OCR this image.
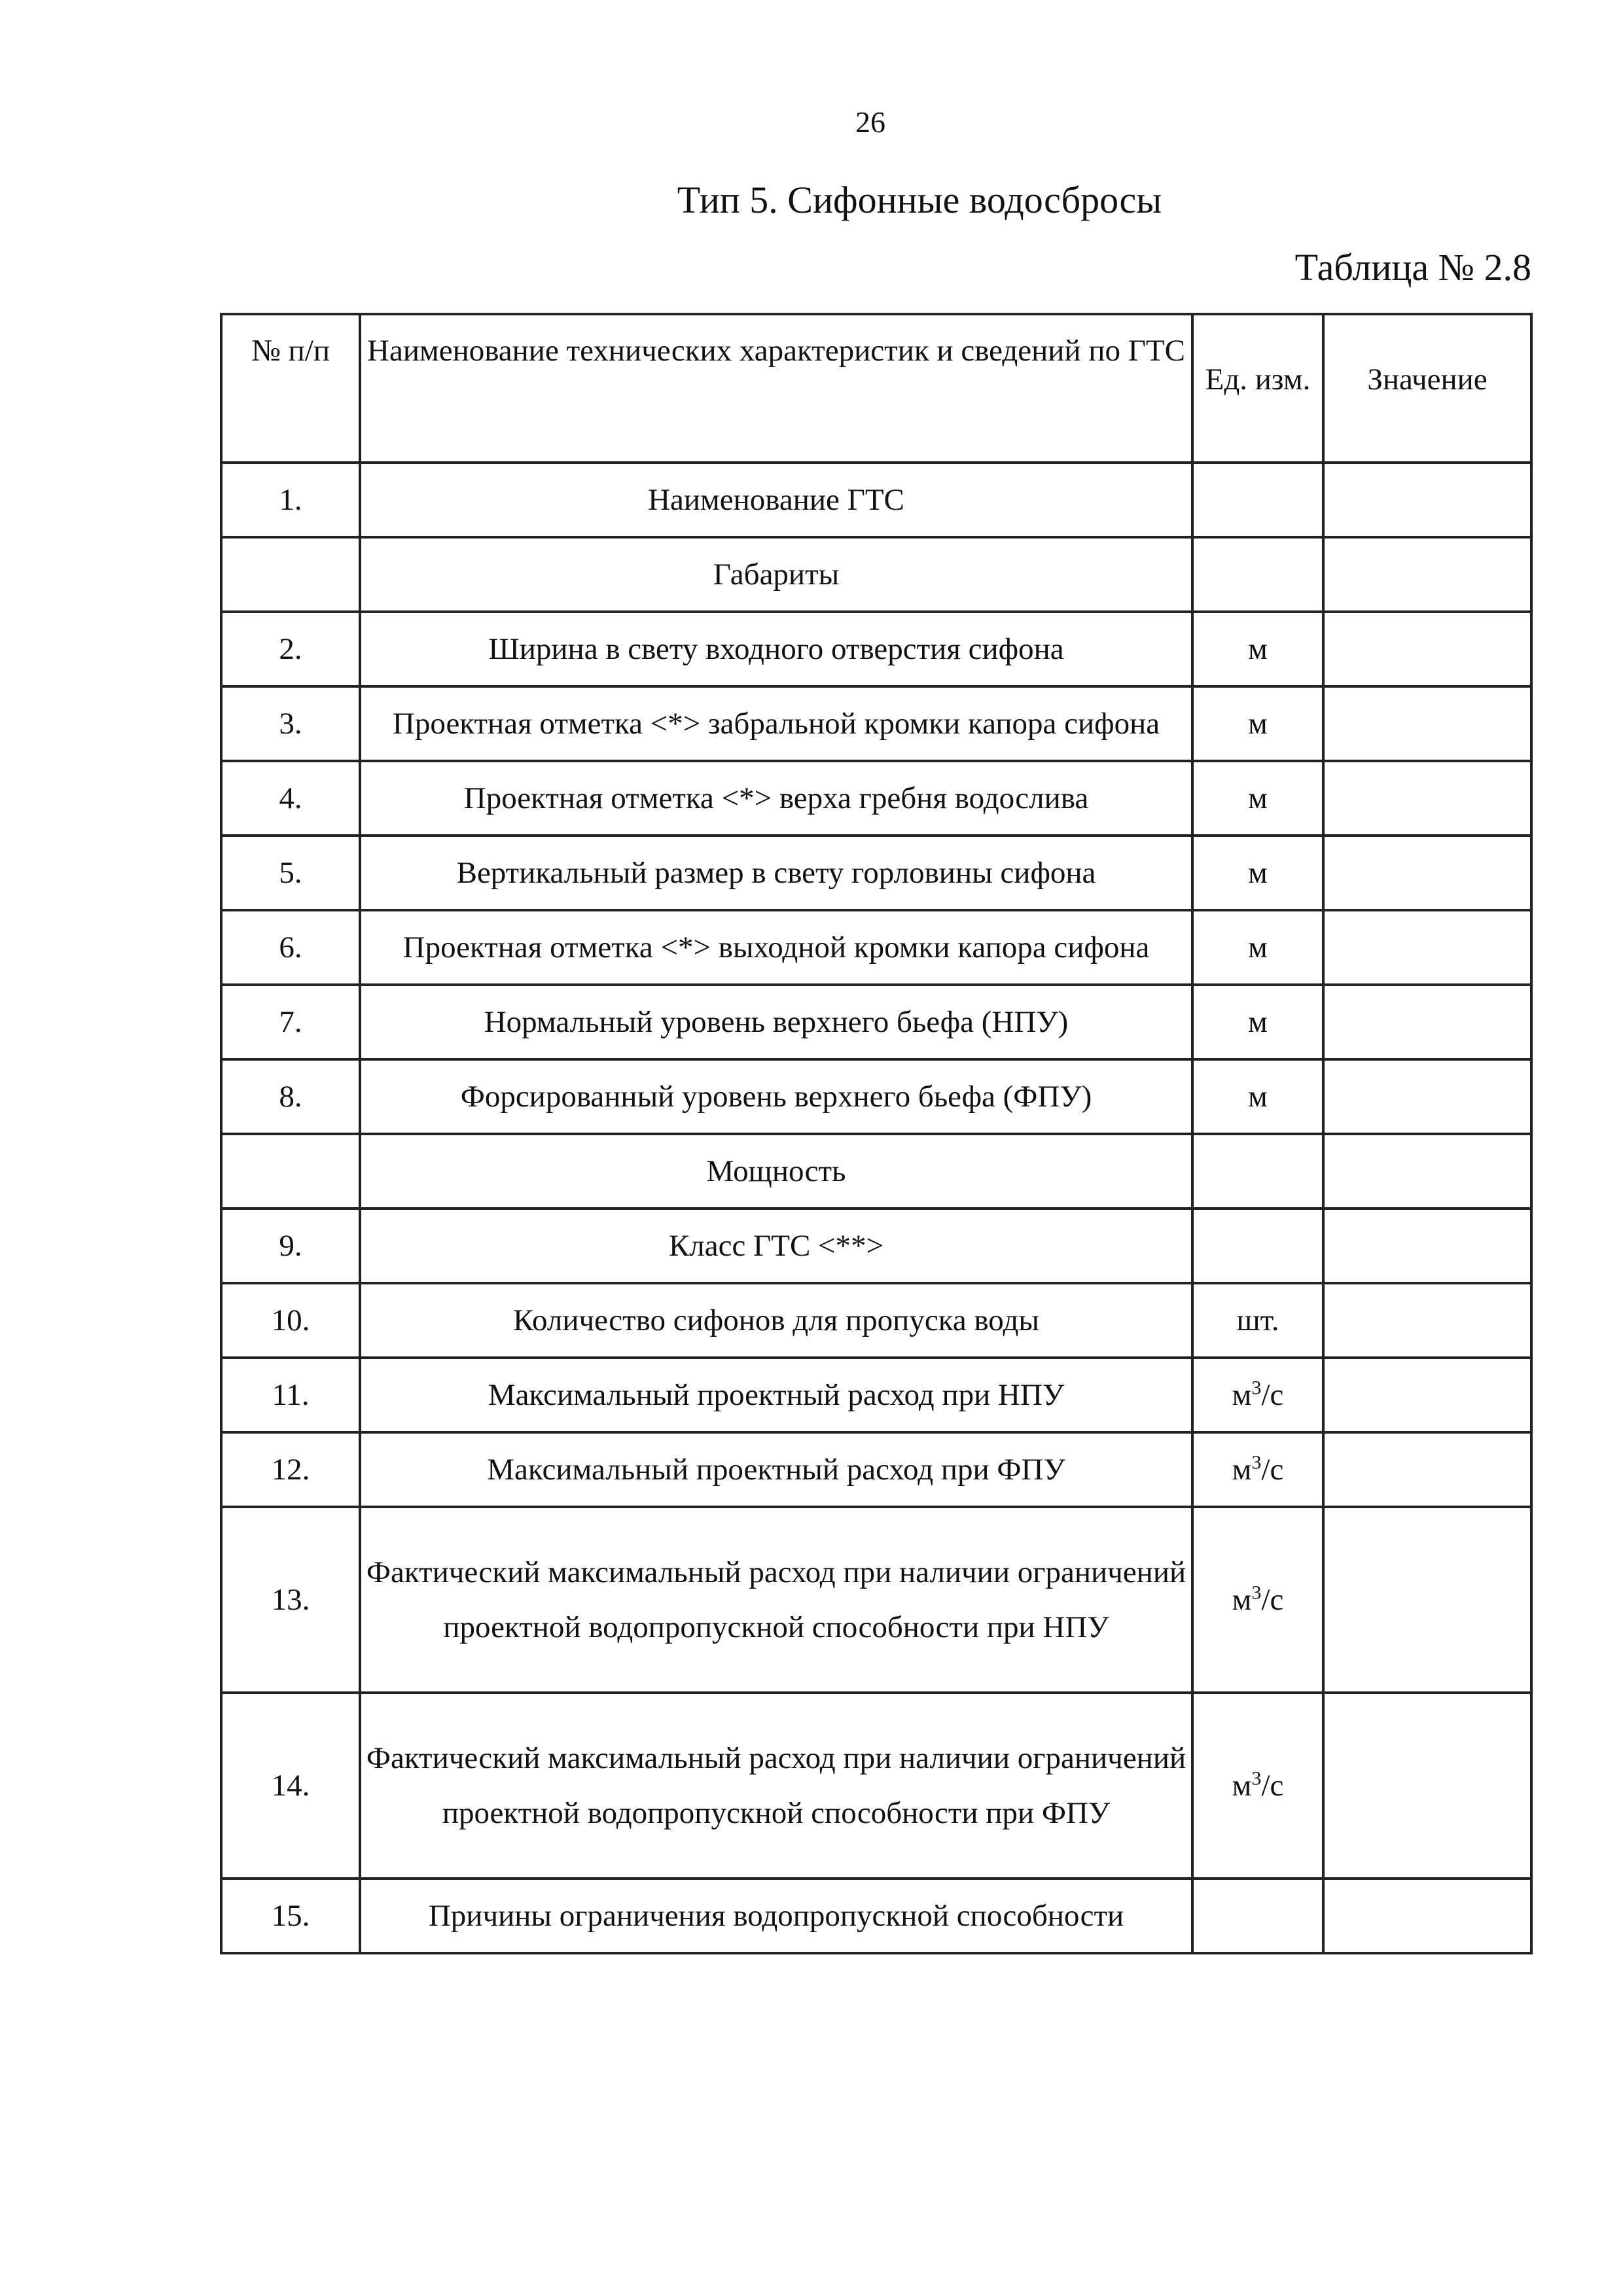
26
Тип 5. Сифонные водосбросы
Таблица № 2.8
№ п/п	Наименование технических характеристик и сведений по ГТС	Ед. изм.	Значение
1.	Наименование ГТС		
	Габариты		
2.	Ширина в свету входного отверстия сифона	м	
3.	Проектная отметка <*> забральной кромки капора сифона	м	
4.	Проектная отметка <*> верха гребня водослива	м	
5.	Вертикальный размер в свету горловины сифона	м	
6.	Проектная отметка <*> выходной кромки капора сифона	м	
7.	Нормальный уровень верхнего бьефа (НПУ)	м	
8.	Форсированный уровень верхнего бьефа (ФПУ)	м	
	Мощность		
9.	Класс ГТС <**>		
10.	Количество сифонов для пропуска воды	шт.	
11.	Максимальный проектный расход при НПУ	$м^3/с$	
12.	Максимальный проектный расход при ФПУ	$м^3/с$	
13.	Фактический максимальный расход при наличии ограничений проектной водопропускной способности при НПУ	$м^3/с$	
14.	Фактический максимальный расход при наличии ограничений проектной водопропускной способности при ФПУ	$м^3/с$	
15.	Причины ограничения водопропускной способности		
